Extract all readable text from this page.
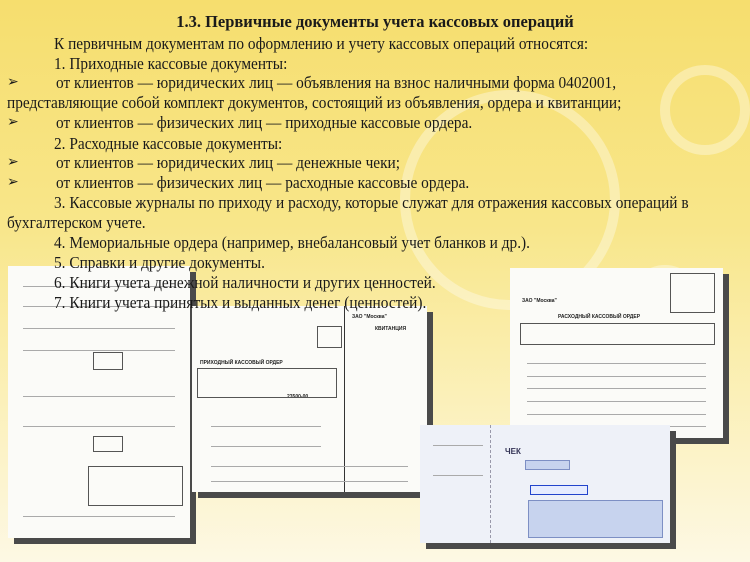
ПРИХОДНЫЙ КАССОВЫЙ ОРДЕР
КВИТАНЦИЯ
ЗАО "Москва"
23500-00
ЗАО "Москва"
РАСХОДНЫЙ КАССОВЫЙ ОРДЕР
ЧЕК
1.3. Первичные документы учета кассовых операций
К первичным документам по оформлению и учету кассовых операций относятся:
1. Приходные кассовые документы:
➢ от клиентов — юридических лиц — объявления на взнос наличными форма 0402001,
представляющие собой комплект документов, состоящий из объявления, ордера и квитанции;
➢ от клиентов — физических лиц — приходные кассовые ордера.
2. Расходные кассовые документы:
➢ от клиентов — юридических лиц — денежные чеки;
➢ от клиентов — физических лиц — расходные кассовые ордера.
3. Кассовые журналы по приходу и расходу, которые служат для отражения кассовых операций в
бухгалтерском учете.
4. Мемориальные ордера (например, внебалансовый учет бланков и др.).
5. Справки и другие документы.
6. Книги учета денежной наличности и других ценностей.
7. Книги учета принятых и выданных денег (ценностей).
